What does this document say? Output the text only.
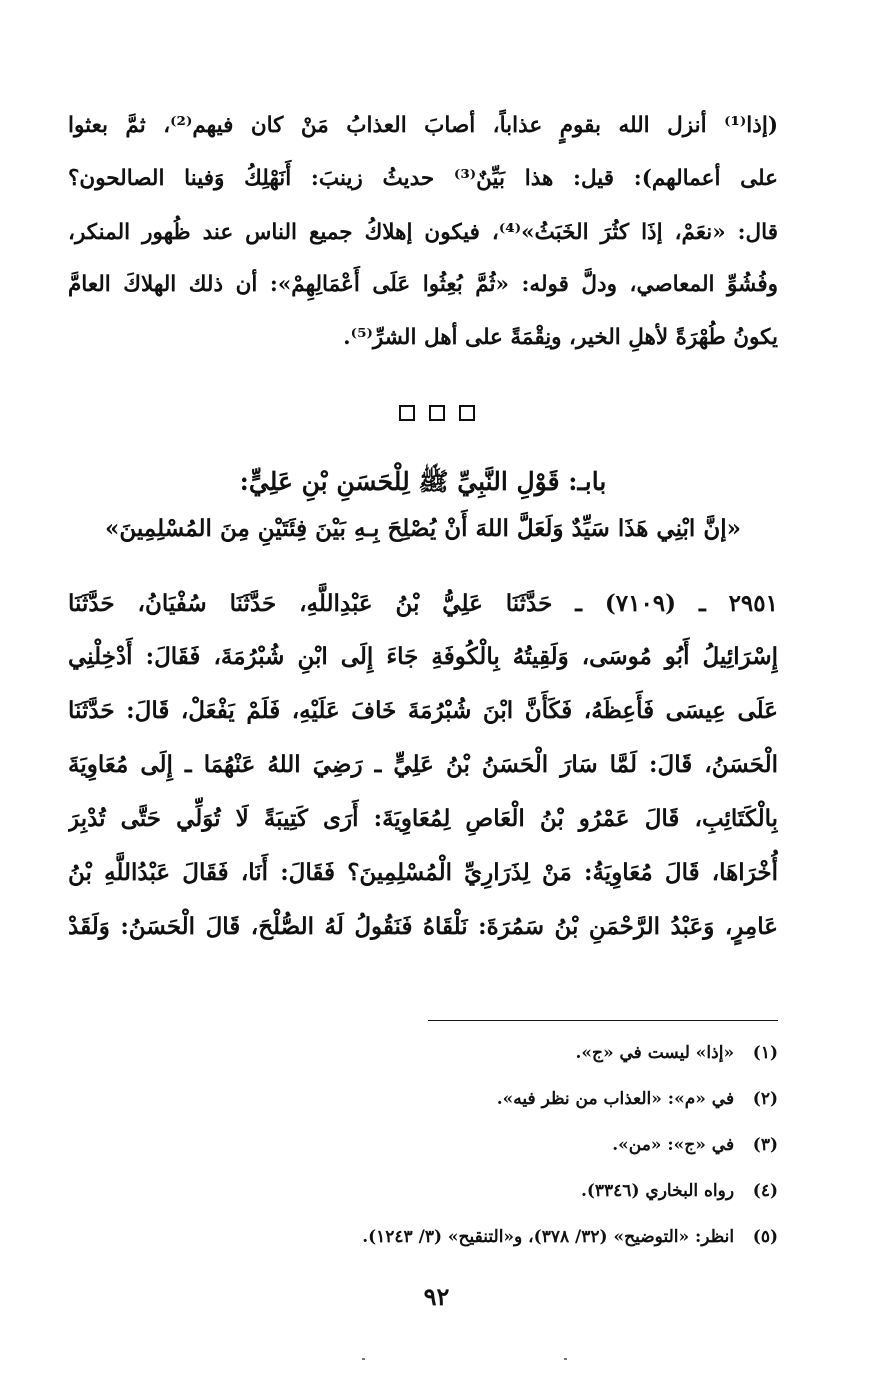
(إذا⁽¹⁾ أنزل الله بقومٍ عذاباً، أصابَ العذابُ مَنْ كان فيهم⁽²⁾، ثمَّ بعثوا
على أعمالهم): قيل: هذا بَيِّنٌ⁽³⁾ حديثُ زينبَ: أَنَهْلِكُ وَفينا الصالحون؟
قال: «نعَمْ، إذَا كثُرَ الخَبَثُ»⁽⁴⁾، فيكون إهلاكُ جميع الناس عند ظُهور المنكر،
وفُشُوِّ المعاصي، ودلَّ قوله: «ثُمَّ بُعِثُوا عَلَى أَعْمَالِهِمْ»: أن ذلك الهلاكَ العامَّ
يكونُ طُهْرَةً لأهلِ الخير، ونِقْمَةً على أهل الشرِّ⁽⁵⁾.
بابـ: قَوْلِ النَّبِيِّ ﷺ لِلْحَسَنِ بْنِ عَلِيٍّ:
«إنَّ ابْنِي هَذَا سَيِّدٌ وَلَعَلَّ اللهَ أَنْ يُصْلِحَ بِـهِ بَيْنَ فِئَتَيْنِ مِنَ المُسْلِمِينَ»
٢٩٥١ ـ (٧١٠٩) ـ حَدَّثَنَا عَلِيُّ بْنُ عَبْدِاللَّهِ، حَدَّثَنَا سُفْيَانُ، حَدَّثَنَا
إِسْرَائِيلُ أَبُو مُوسَى، وَلَقِيتُهُ بِالْكُوفَةِ جَاءَ إِلَى ابْنِ شُبْرُمَةَ، فَقَالَ: أَدْخِلْنِي
عَلَى عِيسَى فَأَعِظَهُ، فَكَأَنَّ ابْنَ شُبْرُمَةَ خَافَ عَلَيْهِ، فَلَمْ يَفْعَلْ، قَالَ: حَدَّثَنَا
الْحَسَنُ، قَالَ: لَمَّا سَارَ الْحَسَنُ بْنُ عَلِيٍّ ـ رَضِيَ اللهُ عَنْهُمَا ـ إِلَى مُعَاوِيَةَ
بِالْكَتَائِبِ، قَالَ عَمْرُو بْنُ الْعَاصِ لِمُعَاوِيَةَ: أَرَى كَتِيبَةً لَا تُوَلِّي حَتَّى تُدْبِرَ
أُخْرَاهَا، قَالَ مُعَاوِيَةُ: مَنْ لِذَرَارِيِّ الْمُسْلِمِينَ؟ فَقَالَ: أَنَا، فَقَالَ عَبْدُاللَّهِ بْنُ
عَامِرٍ، وَعَبْدُ الرَّحْمَنِ بْنُ سَمُرَةَ: نَلْقَاهُ فَنَقُولُ لَهُ الصُّلْحَ، قَالَ الْحَسَنُ: وَلَقَدْ
(١) «إذا» ليست في «ج».
(٢) في «م»: «العذاب من نظر فيه».
(٣) في «ج»: «من».
(٤) رواه البخاري (٣٣٤٦).
(٥) انظر: «التوضيح» (٣٢/ ٣٧٨)، و«التنقيح» (٣/ ١٢٤٣).
٩٢
